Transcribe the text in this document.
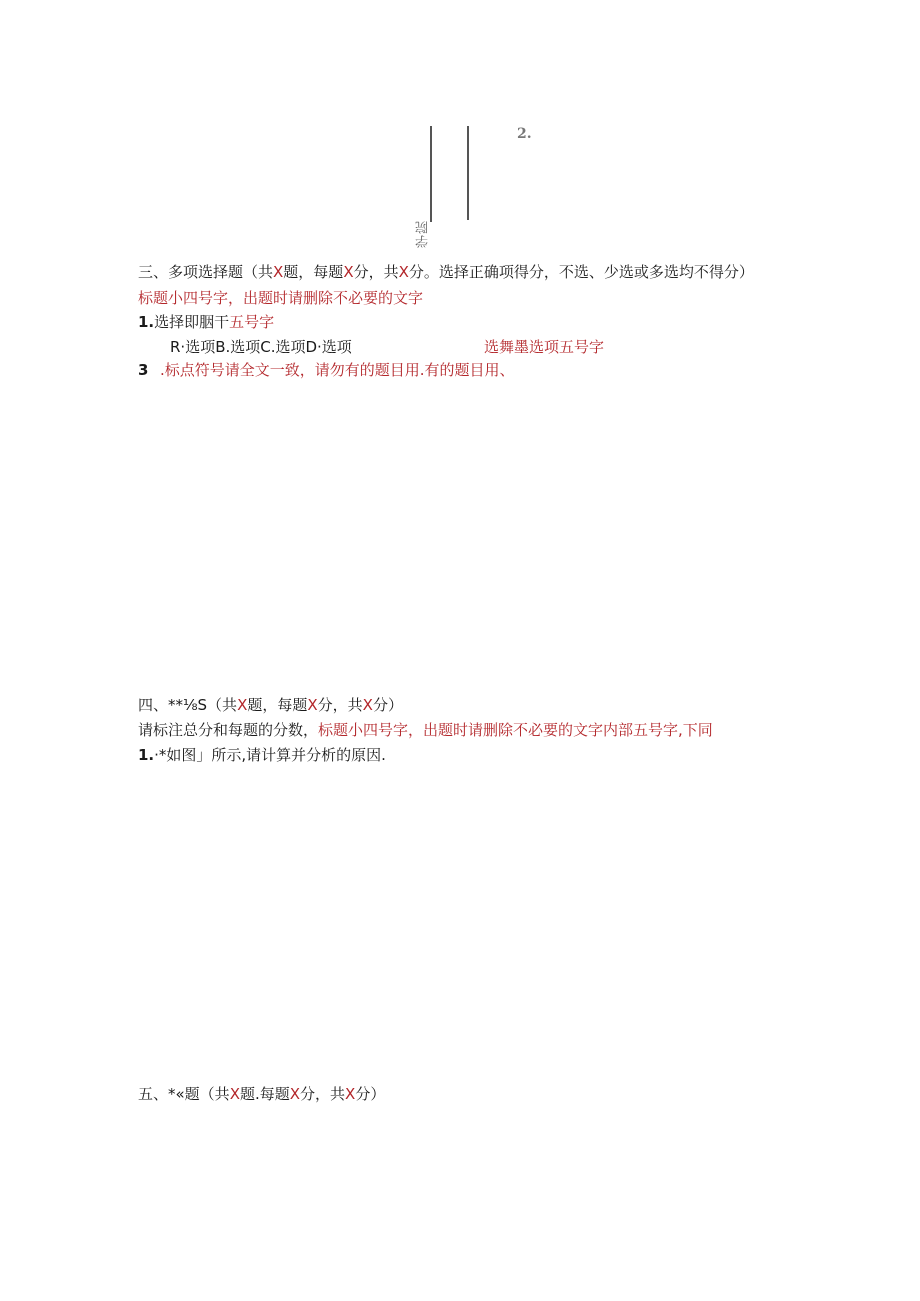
学院
2.
三、多项选择题（共X题，每题X分，共X分。选择正确项得分，不选、少选或多选均不得分）
标题小四号字，出题时请删除不必要的文字
1.选择即胭干五号字
R·选项B.选项C.选项D·选项	选舞墨选项五号字
3 .标点符号请全文一致，请勿有的题目用.有的题目用、
四、**⅛S（共X题，每题X分，共X分）
请标注总分和每题的分数，标题小四号字，出题时请删除不必要的文字内部五号字,下同
1.·*如图」所示,请计算并分析的原因.
五、*«题（共X题.每题X分，共X分）
